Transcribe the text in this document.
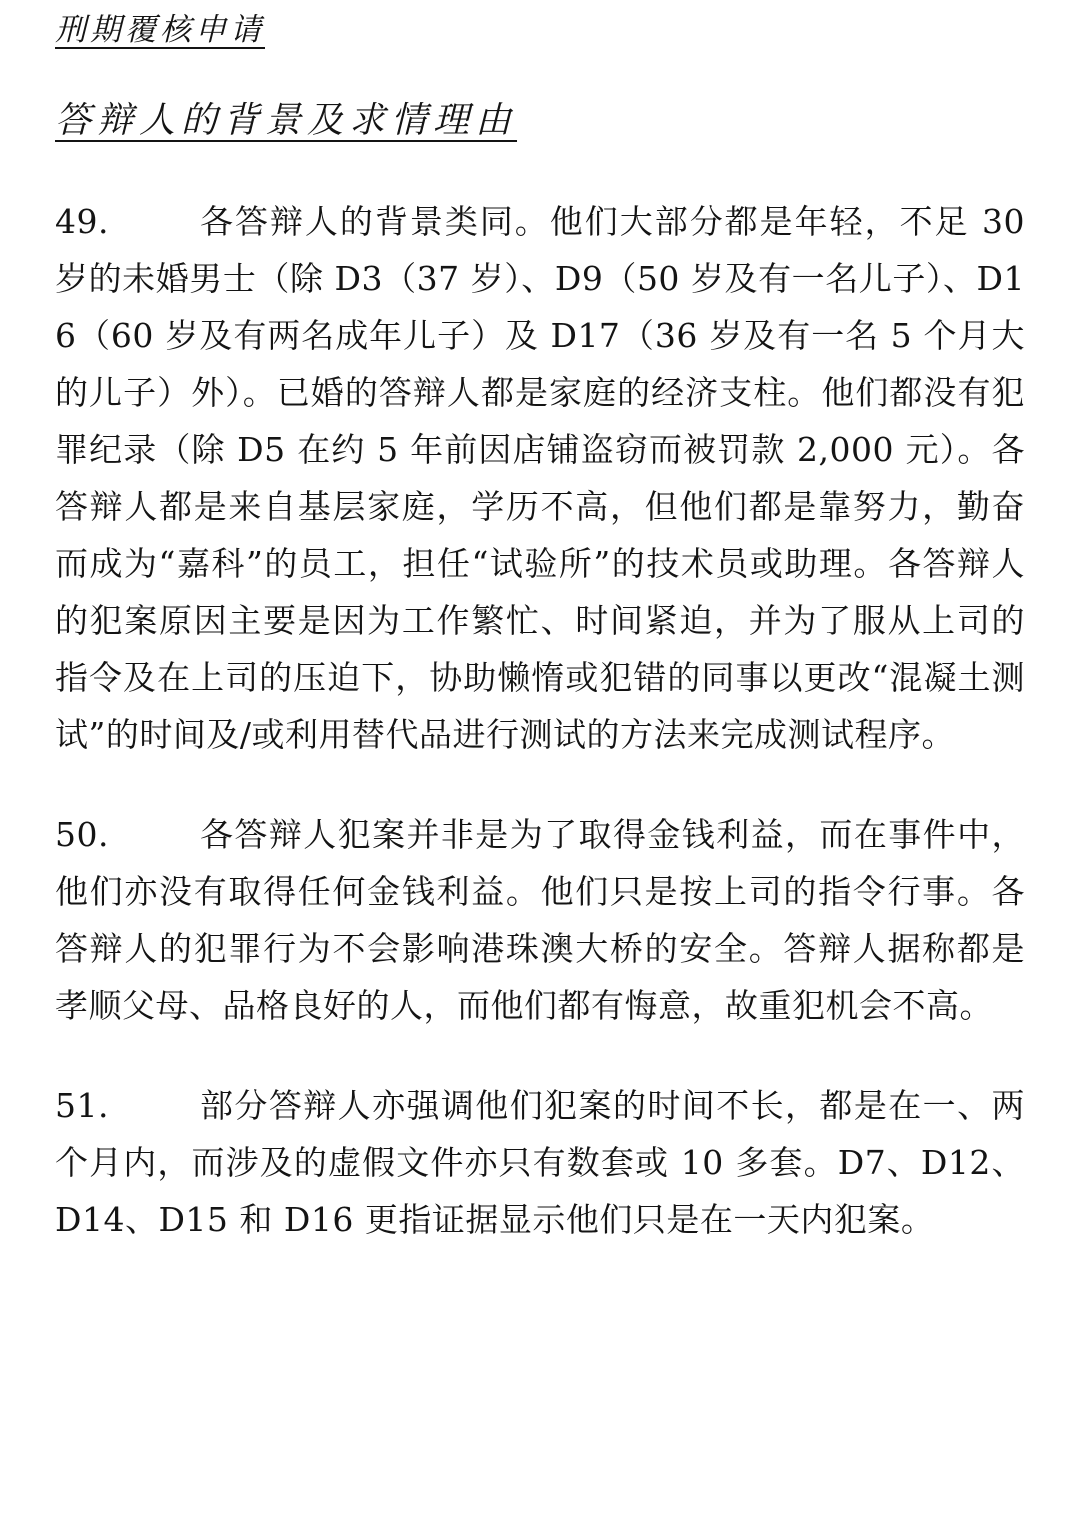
刑期覆核申请
答辩人的背景及求情理由
49.	各答辩人的背景类同。他们大部分都是年轻，不足 30 岁的未婚男士（除 D3（37 岁）、D9（50 岁及有一名儿子）、D16（60 岁及有两名成年儿子）及 D17（36 岁及有一名 5 个月大的儿子）外）。已婚的答辩人都是家庭的经济支柱。他们都没有犯罪纪录（除 D5 在约 5 年前因店铺盗窃而被罚款 2,000 元）。各答辩人都是来自基层家庭，学历不高，但他们都是靠努力，勤奋而成为“嘉科”的员工，担任“试验所”的技术员或助理。各答辩人的犯案原因主要是因为工作繁忙、时间紧迫，并为了服从上司的指令及在上司的压迫下，协助懒惰或犯错的同事以更改“混凝土测试”的时间及/或利用替代品进行测试的方法来完成测试程序。
50.	各答辩人犯案并非是为了取得金钱利益，而在事件中，他们亦没有取得任何金钱利益。他们只是按上司的指令行事。各答辩人的犯罪行为不会影响港珠澳大桥的安全。答辩人据称都是孝顺父母、品格良好的人，而他们都有悔意，故重犯机会不高。
51.	部分答辩人亦强调他们犯案的时间不长，都是在一、两个月内，而涉及的虚假文件亦只有数套或 10 多套。D7、D12、D14、D15 和 D16 更指证据显示他们只是在一天内犯案。
